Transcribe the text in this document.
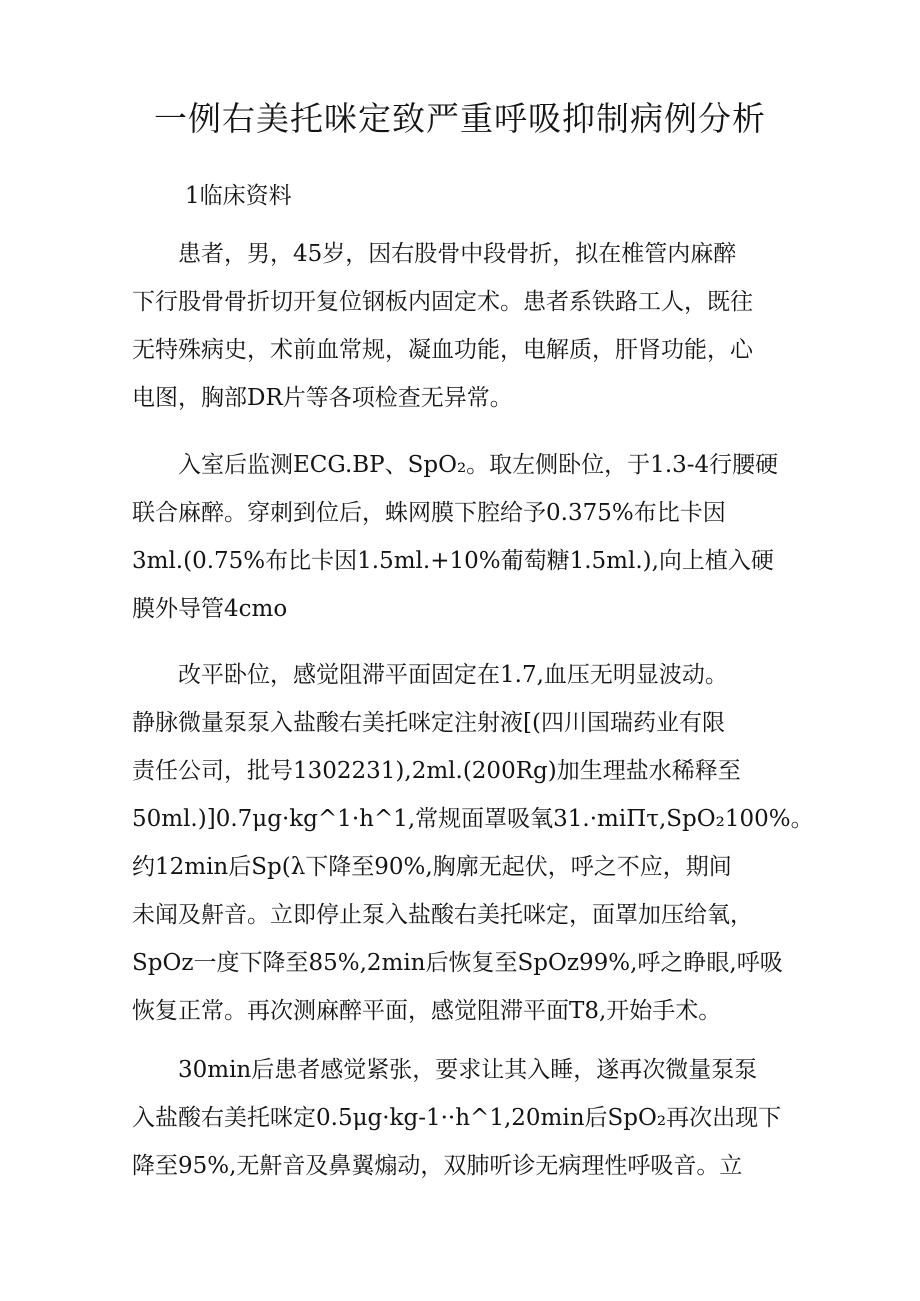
一例右美托咪定致严重呼吸抑制病例分析
1临床资料
　　患者，男，45岁，因右股骨中段骨折，拟在椎管内麻醉
下行股骨骨折切开复位钢板内固定术。患者系铁路工人，既往
无特殊病史，术前血常规，凝血功能，电解质，肝肾功能，心
电图，胸部DR片等各项检查无异常。
　　入室后监测ECG.BP、SpO₂。取左侧卧位，于1.3-4行腰硬
联合麻醉。穿刺到位后，蛛网膜下腔给予0.375%布比卡因
3ml.(0.75%布比卡因1.5ml.+10%葡萄糖1.5ml.),向上植入硬
膜外导管4cmo
　　改平卧位，感觉阻滞平面固定在1.7,血压无明显波动。
静脉微量泵泵入盐酸右美托咪定注射液[(四川国瑞药业有限
责任公司，批号1302231),2ml.(200Rg)加生理盐水稀释至
50ml.)]0.7μg·kg^1·h^1,常规面罩吸氧31.·miΠτ,SpO₂100%。
约12min后Sp(λ下降至90%,胸廓无起伏，呼之不应，期间
未闻及鼾音。立即停止泵入盐酸右美托咪定，面罩加压给氧，
SpOz一度下降至85%,2min后恢复至SpOz99%,呼之睁眼,呼吸
恢复正常。再次测麻醉平面，感觉阻滞平面T8,开始手术。
　　30min后患者感觉紧张，要求让其入睡，遂再次微量泵泵
入盐酸右美托咪定0.5μg·kg-1··h^1,20min后SpO₂再次出现下
降至95%,无鼾音及鼻翼煽动，双肺听诊无病理性呼吸音。立
